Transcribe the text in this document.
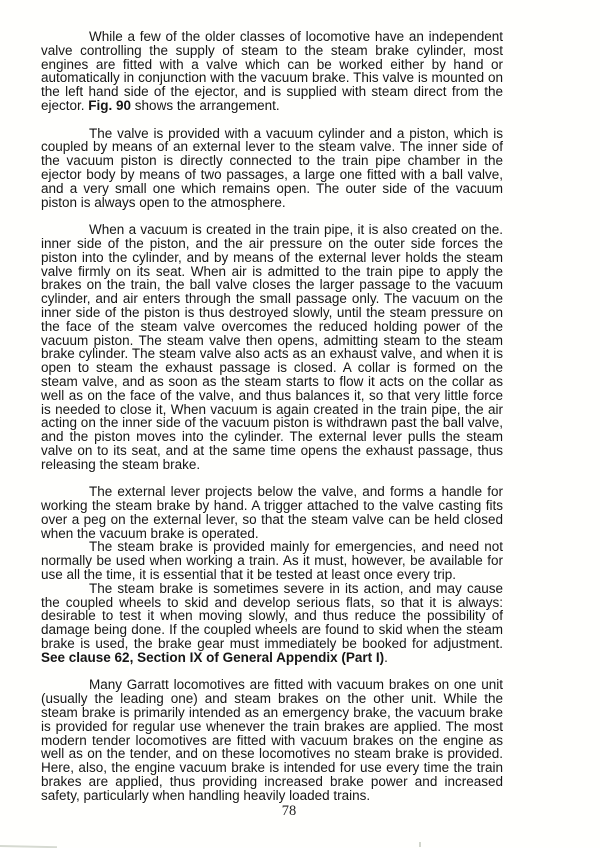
While a few of the older classes of locomotive have an independent valve controlling the supply of steam to the steam brake cylinder, most engines are fitted with a valve which can be worked either by hand or automatically in conjunction with the vacuum brake. This valve is mounted on the left hand side of the ejector, and is supplied with steam direct from the ejector. Fig. 90 shows the arrangement.

The valve is provided with a vacuum cylinder and a piston, which is coupled by means of an external lever to the steam valve. The inner side of the vacuum piston is directly connected to the train pipe chamber in the ejector body by means of two passages, a large one fitted with a ball valve, and a very small one which remains open. The outer side of the vacuum piston is always open to the atmosphere.

When a vacuum is created in the train pipe, it is also created on the. inner side of the piston, and the air pressure on the outer side forces the piston into the cylinder, and by means of the external lever holds the steam valve firmly on its seat. When air is admitted to the train pipe to apply the brakes on the train, the ball valve closes the larger passage to the vacuum cylinder, and air enters through the small passage only. The vacuum on the inner side of the piston is thus destroyed slowly, until the steam pressure on the face of the steam valve overcomes the reduced holding power of the vacuum piston. The steam valve then opens, admitting steam to the steam brake cylinder. The steam valve also acts as an exhaust valve, and when it is open to steam the exhaust passage is closed. A collar is formed on the steam valve, and as soon as the steam starts to flow it acts on the collar as well as on the face of the valve, and thus balances it, so that very little force is needed to close it, When vacuum is again created in the train pipe, the air acting on the inner side of the vacuum piston is withdrawn past the ball valve, and the piston moves into the cylinder. The external lever pulls the steam valve on to its seat, and at the same time opens the exhaust passage, thus releasing the steam brake.

The external lever projects below the valve, and forms a handle for working the steam brake by hand. A trigger attached to the valve casting fits over a peg on the external lever, so that the steam valve can be held closed when the vacuum brake is operated.

The steam brake is provided mainly for emergencies, and need not normally be used when working a train. As it must, however, be available for use all the time, it is essential that it be tested at least once every trip.

The steam brake is sometimes severe in its action, and may cause the coupled wheels to skid and develop serious flats, so that it is always: desirable to test it when moving slowly, and thus reduce the possibility of damage being done. If the coupled wheels are found to skid when the steam brake is used, the brake gear must immediately be booked for adjustment. See clause 62, Section IX of General Appendix (Part I).

Many Garratt locomotives are fitted with vacuum brakes on one unit (usually the leading one) and steam brakes on the other unit. While the steam brake is primarily intended as an emergency brake, the vacuum brake is provided for regular use whenever the train brakes are applied. The most modern tender locomotives are fitted with vacuum brakes on the engine as well as on the tender, and on these locomotives no steam brake is provided. Here, also, the engine vacuum brake is intended for use every time the train brakes are applied, thus providing increased brake power and increased safety, particularly when handling heavily loaded trains.

78
